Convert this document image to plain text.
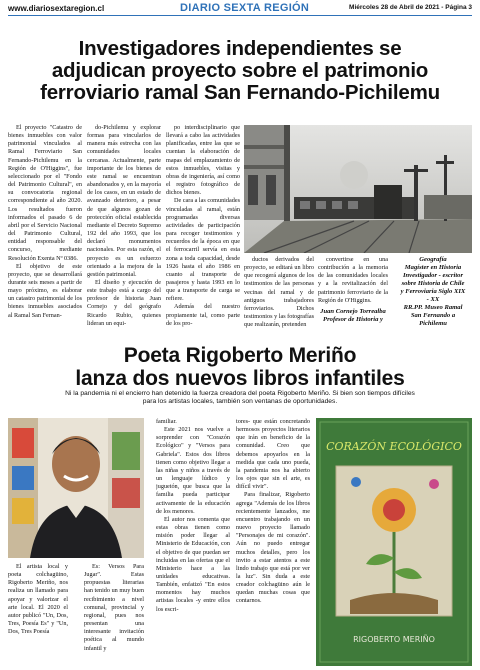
www.diariosextaregion.cl	DIARIO SEXTA REGIÓN	Miércoles 28 de Abril de 2021 - Página 3
Investigadores independientes se
adjudican proyecto sobre el patrimonio
ferroviario ramal San Fernando-Pichilemu

El proyecto "Catastro de bienes inmuebles con valor patrimonial vinculados al Ramal Ferroviario San Fernando-Pichilemu en la Región de O'Higgins", fue seleccionado por el "Fondo del Patrimonio Cultural", en su convocatoria regional correspondiente al año 2020. Los resultados fueron informados el pasado 6 de abril por el Servicio Nacional del Patrimonio Cultural, entidad responsable del concurso, mediante Resolución Exenta Nº 0386.

El objetivo de este proyecto, que se desarrollará durante seis meses a partir de mayo próximo, es elaborar un catastro patrimonial de los bienes inmuebles asociados al Ramal San Fernan-

do-Pichilemu y explorar formas para vincularlos de manera más estrecha con las comunidades locales cercanas. Actualmente, parte importante de los bienes de este ramal se encuentran abandonados y, en la mayoría de los casos, en un estado de avanzado deterioro, a pesar de que algunos gozan de protección oficial establecida mediante el Decreto Supremo 192 del año 1993, que los declaró monumentos nacionales. Por esta razón, el proyecto es un esfuerzo orientado a la mejora de la gestión patrimonial.

El diseño y ejecución de este trabajo está a cargo del profesor de historia Juan Cornejo y del geógrafo Ricardo Rubio, quienes lideran un equi-

po interdisciplinario que llevará a cabo las actividades planificadas, entre las que se cuentan la elaboración de mapas del emplazamiento de estos inmuebles, visitas y obras de ingeniería, así como el registro fotográfico de dichos bienes.

De cara a las comunidades vinculadas al ramal, están programadas diversas actividades de participación para recoger testimonios y recuerdos de la época en que el ferrocarril servía en esta zona a toda capacidad, desde 1926 hasta el año 1986 en cuanto al transporte de pasajeros y hasta 1993 en lo que a transporte de carga se refiere.

Además del nuestro propiamente tal, como parte de los pro-

ductos derivados del proyecto, se editará un libro que recogerá algunos de los testimonios de las personas vecinas del ramal y de antiguos trabajadores ferroviarios. Dichos testimonios y las fotografías que realizarán, pretenden

convertirse en una contribución a la memoria de las comunidades locales y a la revitalización del patrimonio ferroviario de la Región de O'Higgins.

Juan Cornejo Torrealba

Profesor de Historia y

Geografía

Magíster en Historia

Investigador - escritor

sobre Historia de Chile

y Ferroviaria Siglo XIX

- XX

RR.PP. Museo Ramal

San Fernando a

Pichilemu

Poeta Rigoberto Meriño
lanza dos nuevos libros infantiles
Ni la pandemia ni el encierro han detenido la fuerza creadora del poeta Rigoberto Meriño. Si bien son tiempos difíciles
para los artistas locales, también son ventanas de oportunidades.

El artista local y poeta colchagüino, Rigoberto Meriño, nos realiza un llamado para apoyar y valorizar el arte local. El 2020 el autor publicó "Un, Dos, Tres, Poesía Es" y "Un, Dos, Tres Poesía

Es: Versos Para Jugar". Estas propuestas literarias han tenido un muy buen recibimiento a nivel comunal, provincial y regional, pues nos presentan una interesante invitación poética al mundo infantil y

familiar.

Este 2021 nos vuelve a sorprender con "Corazón Ecológico" y "Versos para Gabriela". Estos dos libros tienen como objetivo llegar a las niñas y niños a través de un lenguaje lúdico y juguetón, que busca que la familia pueda participar activamente de la educación de los menores.

El autor nos comenta que estas obras tienen como misión poder llegar al Ministerio de Educación, con el objetivo de que puedan ser incluidas en las ofertas que el Ministerio hace a las unidades educativas. También, enfatizó "En estos momentos hay muchos artistas locales -y entre ellos los escri-

tores- que están concretando hermosos proyectos literarios que irán en beneficio de la comunidad. Creo que debemos apoyarlos en la medida que cada uno pueda, la pandemia nos ha abierto los ojos que sin el arte, es difícil vivir".

Para finalizar, Rigoberto agrega "Además de los libros recientemente lanzados, me encuentro trabajando en un nuevo proyecto llamado "Personajes de mi corazón". Aún no puedo entregar muchos detalles, pero los invito a estar atentos a este lindo trabajo que está por ver la luz". Sin duda a este creador colchagüino aún le quedan muchas cosas que contarnos.

CORAZÓN ECOLÓGICO
RIGOBERTO MERIÑO
